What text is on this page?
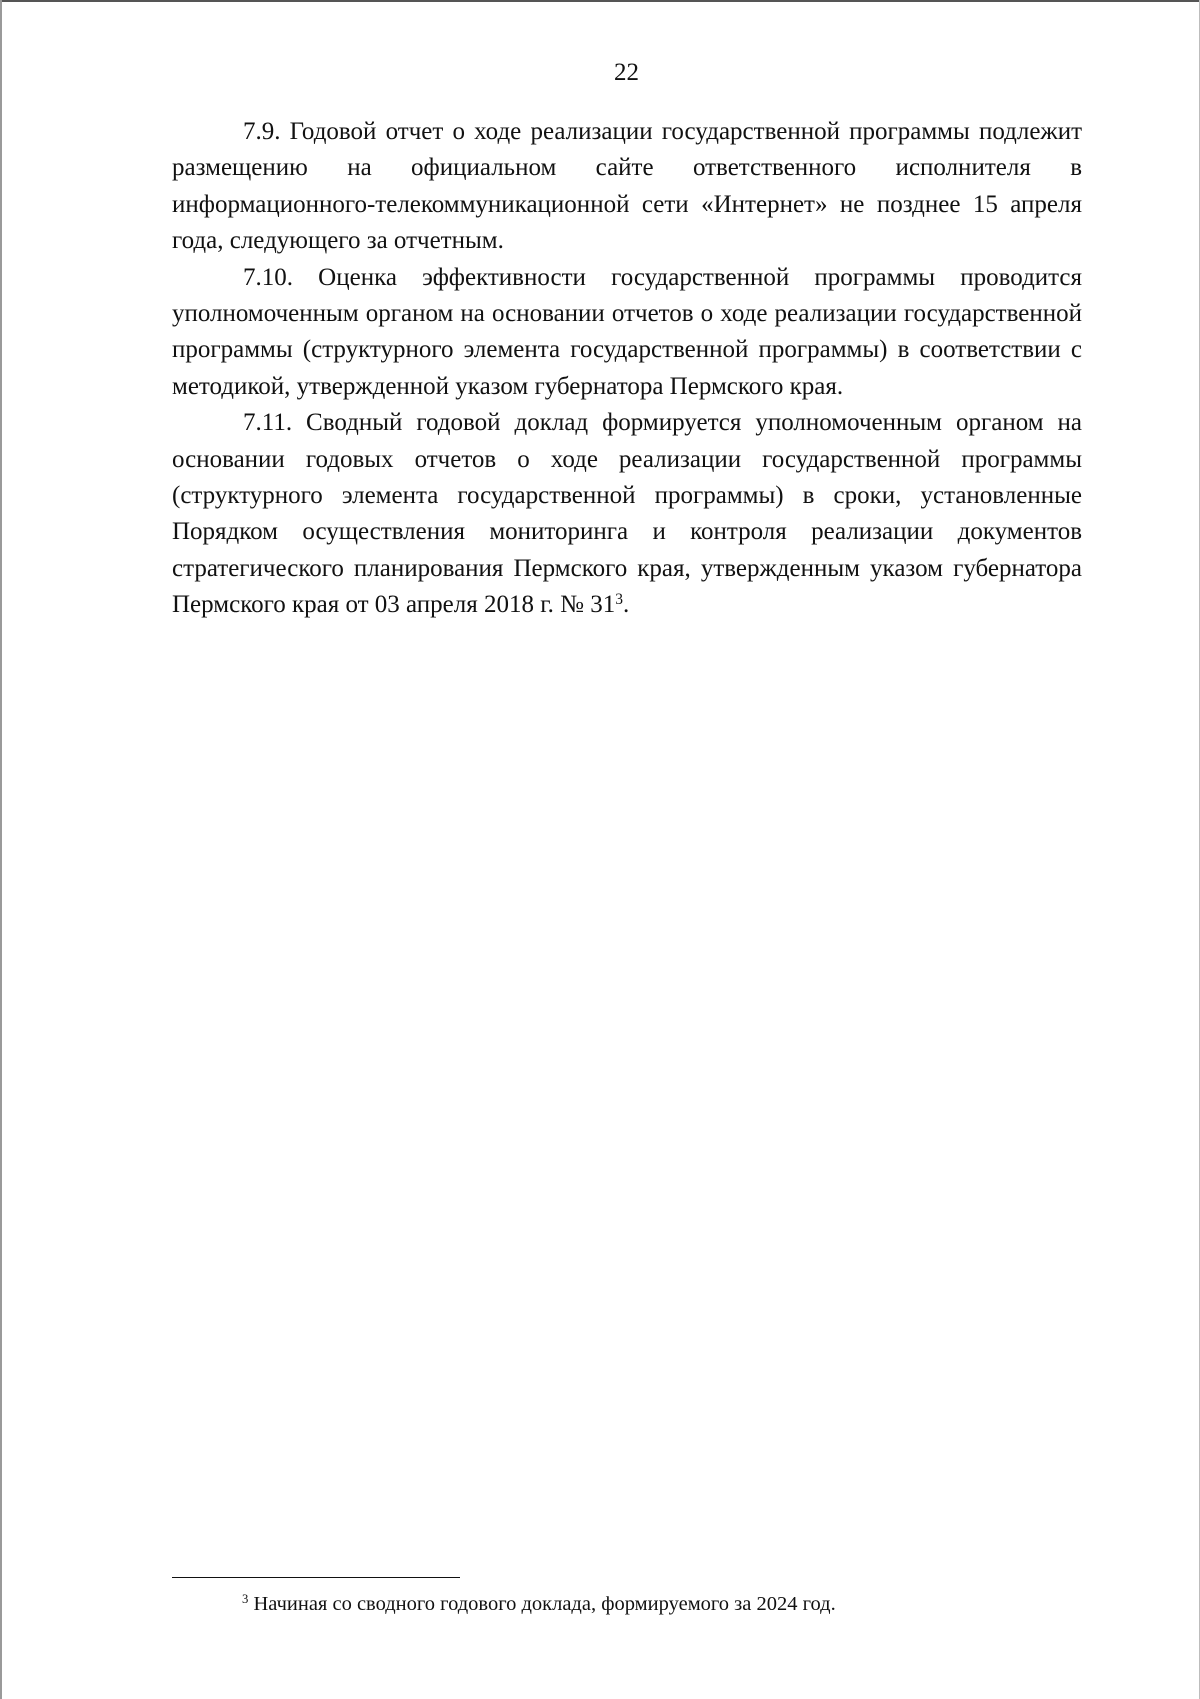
22

7.9. Годовой отчет о ходе реализации государственной программы подлежит размещению на официальном сайте ответственного исполнителя в информационного-телекоммуникационной сети «Интернет» не позднее 15 апреля года, следующего за отчетным.

7.10. Оценка эффективности государственной программы проводится уполномоченным органом на основании отчетов о ходе реализации государственной программы (структурного элемента государственной программы) в соответствии с методикой, утвержденной указом губернатора Пермского края.

7.11. Сводный годовой доклад формируется уполномоченным органом на основании годовых отчетов о ходе реализации государственной программы (структурного элемента государственной программы) в сроки, установленные Порядком осуществления мониторинга и контроля реализации документов стратегического планирования Пермского края, утвержденным указом губернатора Пермского края от 03 апреля 2018 г. № $31^3$.

$^3$ Начиная со сводного годового доклада, формируемого за 2024 год.
